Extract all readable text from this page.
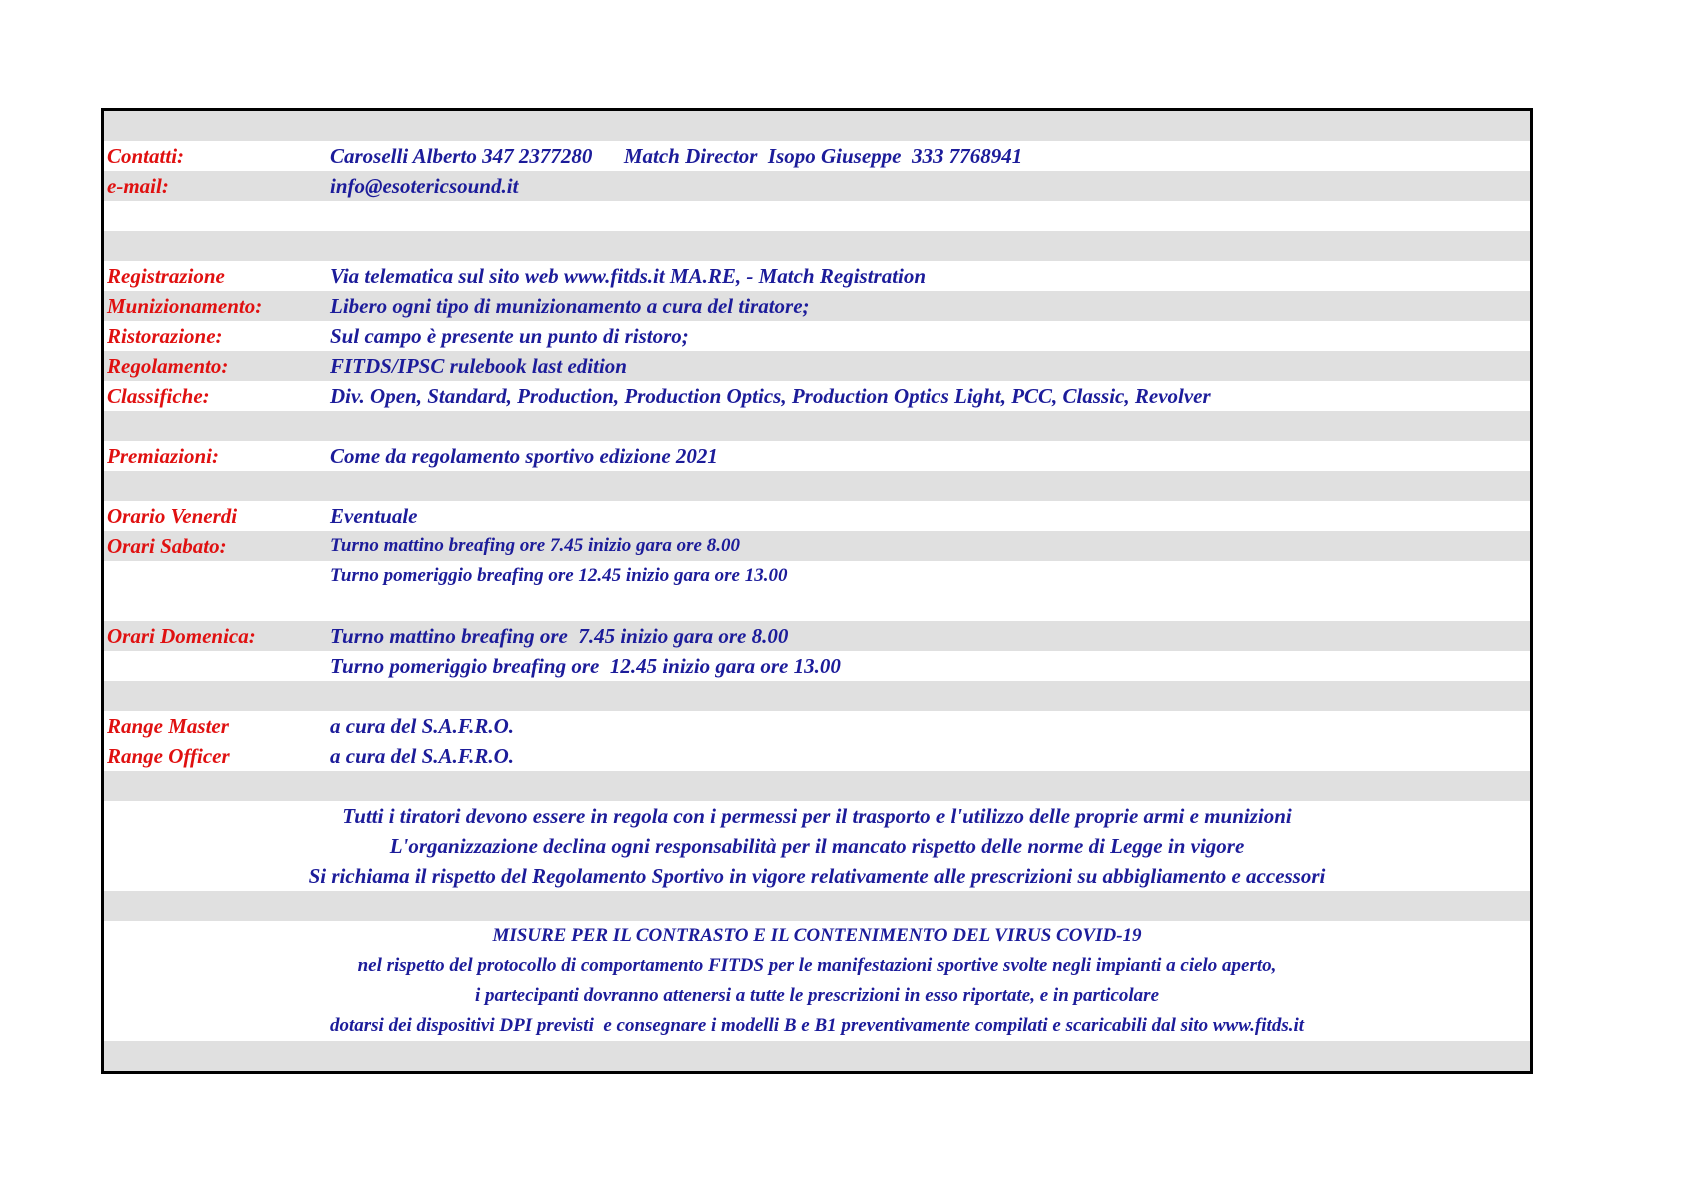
Contatti:	Caroselli Alberto 347 2377280      Match Director  Isopo Giuseppe  333 7768941
e-mail:	info@esotericsound.it
Registrazione	Via telematica sul sito web www.fitds.it MA.RE, - Match Registration
Munizionamento:	Libero ogni tipo di munizionamento a cura del tiratore;
Ristorazione:	Sul campo è presente un punto di ristoro;
Regolamento:	FITDS/IPSC rulebook last edition
Classifiche:	Div. Open, Standard, Production, Production Optics, Production Optics Light, PCC, Classic, Revolver
Premiazioni:	Come da regolamento sportivo edizione 2021
Orario Venerdi	Eventuale
Orari Sabato:	Turno mattino breafing ore 7.45 inizio gara ore 8.00
Turno pomeriggio breafing ore 12.45 inizio gara ore 13.00
Orari Domenica:	Turno mattino breafing ore  7.45 inizio gara ore 8.00
Turno pomeriggio breafing ore  12.45 inizio gara ore 13.00
Range Master	a cura del S.A.F.R.O.
Range Officer	a cura del S.A.F.R.O.
Tutti i tiratori devono essere in regola con i permessi per il trasporto e l'utilizzo delle proprie armi e munizioni
L'organizzazione declina ogni responsabilità per il mancato rispetto delle norme di Legge in vigore
Si richiama il rispetto del Regolamento Sportivo in vigore relativamente alle prescrizioni su abbigliamento e accessori
MISURE PER IL CONTRASTO E IL CONTENIMENTO DEL VIRUS COVID-19
nel rispetto del protocollo di comportamento FITDS per le manifestazioni sportive svolte negli impianti a cielo aperto,
i partecipanti dovranno attenersi a tutte le prescrizioni in esso riportate, e in particolare
dotarsi dei dispositivi DPI previsti  e consegnare i modelli B e B1 preventivamente compilati e scaricabili dal sito www.fitds.it
